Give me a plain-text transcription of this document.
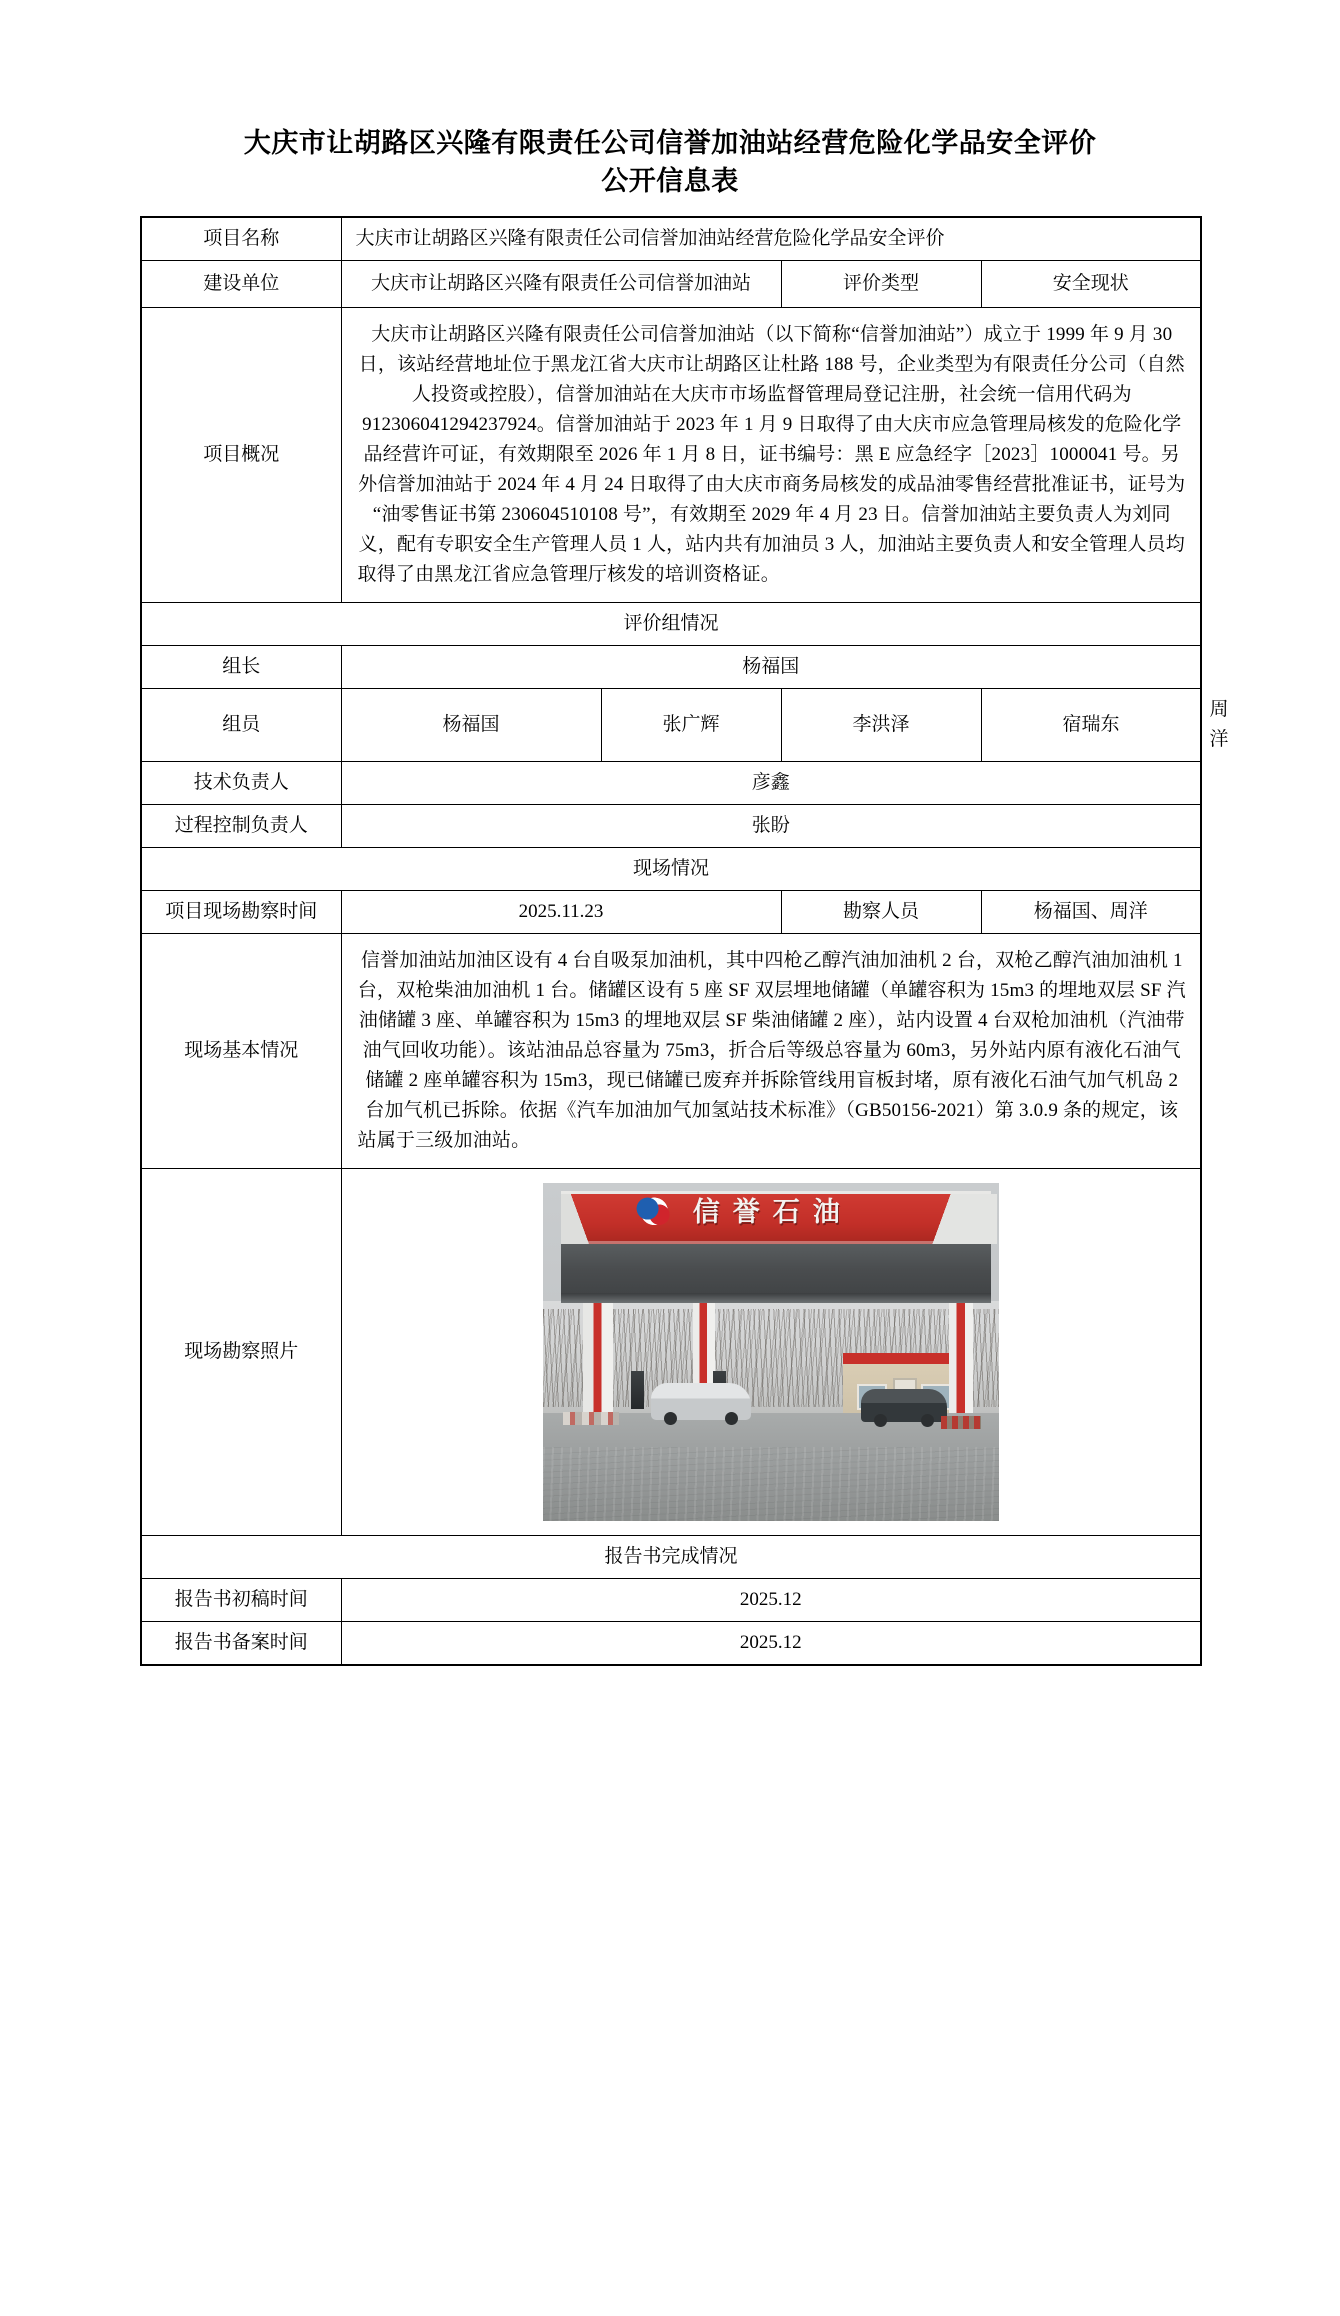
大庆市让胡路区兴隆有限责任公司信誉加油站经营危险化学品安全评价
公开信息表
项目名称	大庆市让胡路区兴隆有限责任公司信誉加油站经营危险化学品安全评价				
建设单位	大庆市让胡路区兴隆有限责任公司信誉加油站		评价类型	安全现状	
项目概况	大庆市让胡路区兴隆有限责任公司信誉加油站（以下简称“信誉加油站”）成立于 1999 年 9 月 30 日，该站经营地址位于黑龙江省大庆市让胡路区让杜路 188 号，企业类型为有限责任分公司（自然人投资或控股），信誉加油站在大庆市市场监督管理局登记注册，社会统一信用代码为 912306041294237924。信誉加油站于 2023 年 1 月 9 日取得了由大庆市应急管理局核发的危险化学品经营许可证，有效期限至 2026 年 1 月 8 日，证书编号：黑 E 应急经字［2023］1000041 号。另外信誉加油站于 2024 年 4 月 24 日取得了由大庆市商务局核发的成品油零售经营批准证书，证号为“油零售证书第 230604510108 号”，有效期至 2029 年 4 月 23 日。信誉加油站主要负责人为刘同义，配有专职安全生产管理人员 1 人，站内共有加油员 3 人，加油站主要负责人和安全管理人员均取得了由黑龙江省应急管理厅核发的培训资格证。				
评价组情况					
组长	杨福国				
组员	杨福国	张广辉	李洪泽	宿瑞东	周洋
技术负责人	彦鑫				
过程控制负责人	张盼				
现场情况					
项目现场勘察时间	2025.11.23		勘察人员	杨福国、周洋	
现场基本情况	信誉加油站加油区设有 4 台自吸泵加油机，其中四枪乙醇汽油加油机 2 台，双枪乙醇汽油加油机 1 台，双枪柴油加油机 1 台。储罐区设有 5 座 SF 双层埋地储罐（单罐容积为 15m3 的埋地双层 SF 汽油储罐 3 座、单罐容积为 15m3 的埋地双层 SF 柴油储罐 2 座），站内设置 4 台双枪加油机（汽油带油气回收功能）。该站油品总容量为 75m3，折合后等级总容量为 60m3，另外站内原有液化石油气储罐 2 座单罐容积为 15m3，现已储罐已废弃并拆除管线用盲板封堵，原有液化石油气加气机岛 2 台加气机已拆除。依据《汽车加油加气加氢站技术标准》（GB50156-2021）第 3.0.9 条的规定，该站属于三级加油站。				
现场勘察照片	信誉石油				

报告书完成情况					
报告书初稿时间	2025.12				
报告书备案时间	2025.12				
